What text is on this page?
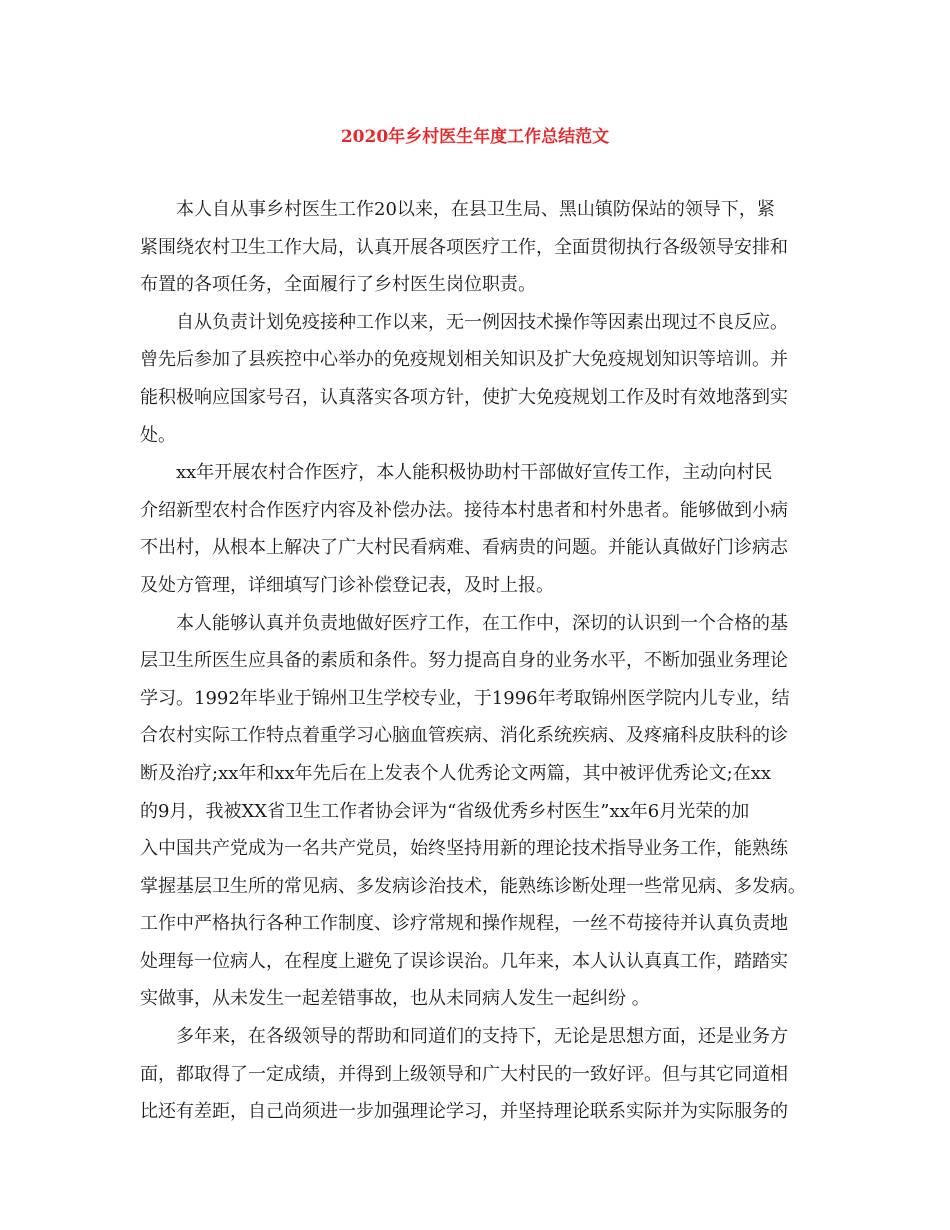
2020年乡村医生年度工作总结范文
本人自从事乡村医生工作20以来，在县卫生局、黑山镇防保站的领导下，紧
紧围绕农村卫生工作大局，认真开展各项医疗工作，全面贯彻执行各级领导安排和
布置的各项任务，全面履行了乡村医生岗位职责。
自从负责计划免疫接种工作以来，无一例因技术操作等因素出现过不良反应。
曾先后参加了县疾控中心举办的免疫规划相关知识及扩大免疫规划知识等培训。并
能积极响应国家号召，认真落实各项方针，使扩大免疫规划工作及时有效地落到实
处。
xx年开展农村合作医疗，本人能积极协助村干部做好宣传工作，主动向村民
介绍新型农村合作医疗内容及补偿办法。接待本村患者和村外患者。能够做到小病
不出村，从根本上解决了广大村民看病难、看病贵的问题。并能认真做好门诊病志
及处方管理，详细填写门诊补偿登记表，及时上报。
本人能够认真并负责地做好医疗工作，在工作中，深切的认识到一个合格的基
层卫生所医生应具备的素质和条件。努力提高自身的业务水平，不断加强业务理论
学习。1992年毕业于锦州卫生学校专业，于1996年考取锦州医学院内儿专业，结
合农村实际工作特点着重学习心脑血管疾病、消化系统疾病、及疼痛科皮肤科的诊
断及治疗;xx年和xx年先后在上发表个人优秀论文两篇，其中被评优秀论文;在xx
的9月，我被XX省卫生工作者协会评为“省级优秀乡村医生”xx年6月光荣的加
入中国共产党成为一名共产党员，始终坚持用新的理论技术指导业务工作，能熟练
掌握基层卫生所的常见病、多发病诊治技术，能熟练诊断处理一些常见病、多发病。
工作中严格执行各种工作制度、诊疗常规和操作规程，一丝不苟接待并认真负责地
处理每一位病人，在程度上避免了误诊误治。几年来，本人认认真真工作，踏踏实
实做事，从未发生一起差错事故，也从未同病人发生一起纠纷 。
多年来，在各级领导的帮助和同道们的支持下，无论是思想方面，还是业务方
面，都取得了一定成绩，并得到上级领导和广大村民的一致好评。但与其它同道相
比还有差距，自己尚须进一步加强理论学习，并坚持理论联系实际并为实际服务的
